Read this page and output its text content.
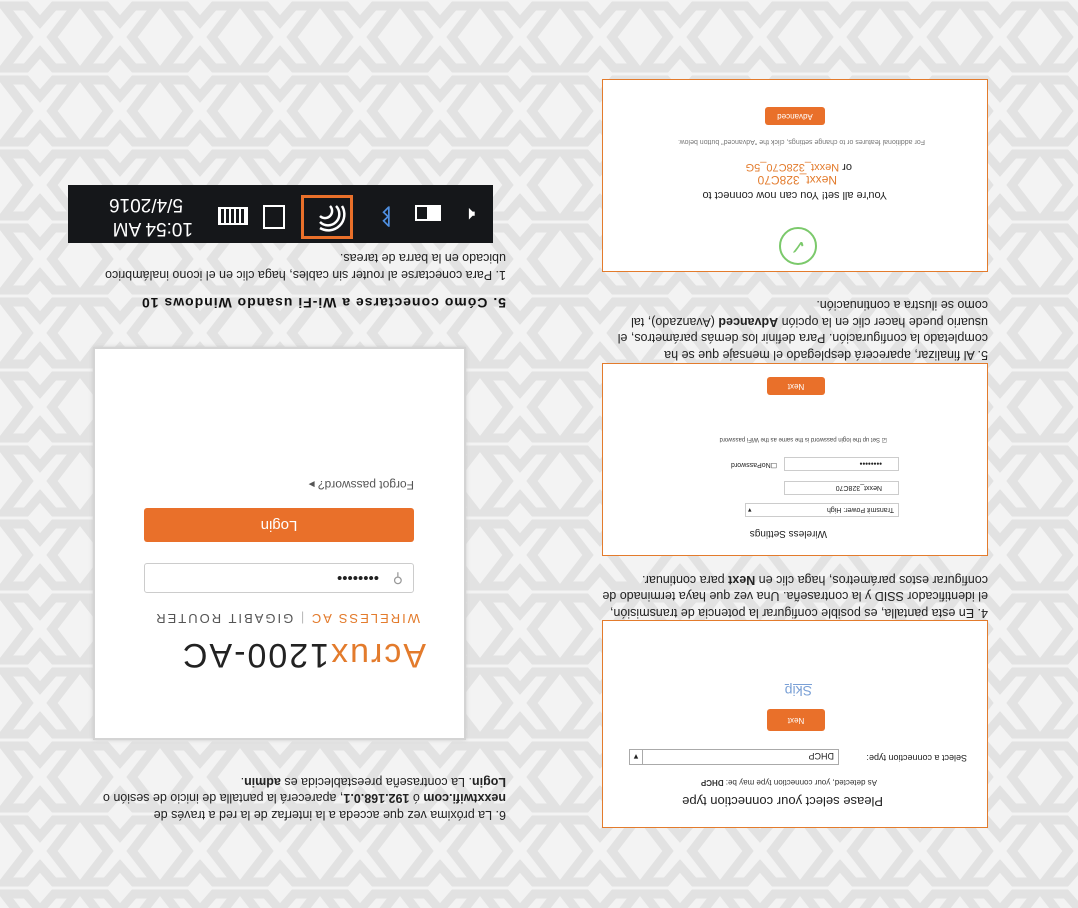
5. Cómo conectarse a Wi-Fi usando Windows 10
1. Para conectarse al router sin cables, haga clic en el icono inalámbrico ubicado en la barra de tareas.
🔈︎
ᛒ
10:54 AM
5/4/2016
Acrux1200-AC
WIRELESS AC | GIGABIT ROUTER
⚲
••••••••
Login
Forgot password? ▸
6. La próxima vez que acceda a la interfaz de la red a través de nexxtwifi.com ó 192.168.0.1, aparecerá la pantalla de inicio de sesión o Login. La contraseña preestablecida es admin.
✓
You're all set! You can now connect to
Nexxt_328C70
or Nexxt_328C70_5G
For additional features or to change settings, click the "Advanced" button below.
Advanced
5. Al finalizar, aparecerá desplegado el mensaje que se ha completado la configuración. Para definir los demás parámetros, el usuario puede hacer clic en la opción Advanced (Avanzado), tal como se ilustra a continuación.
Wireless Settings
Transmit Power: High
▾
Nexxt_328C70
••••••••
☐NoPassword
☑ Set up the login password is the same as the WiFi password
Next
4. En esta pantalla, es posible configurar la potencia de transmisión, el identificador SSID y la contraseña. Una vez que haya terminado de configurar estos parámetros, haga clic en Next para continuar.
Please select your connection type
As detected, your connection type may be: DHCP
Select a connection type:
DHCP
▾
Next
Skip
